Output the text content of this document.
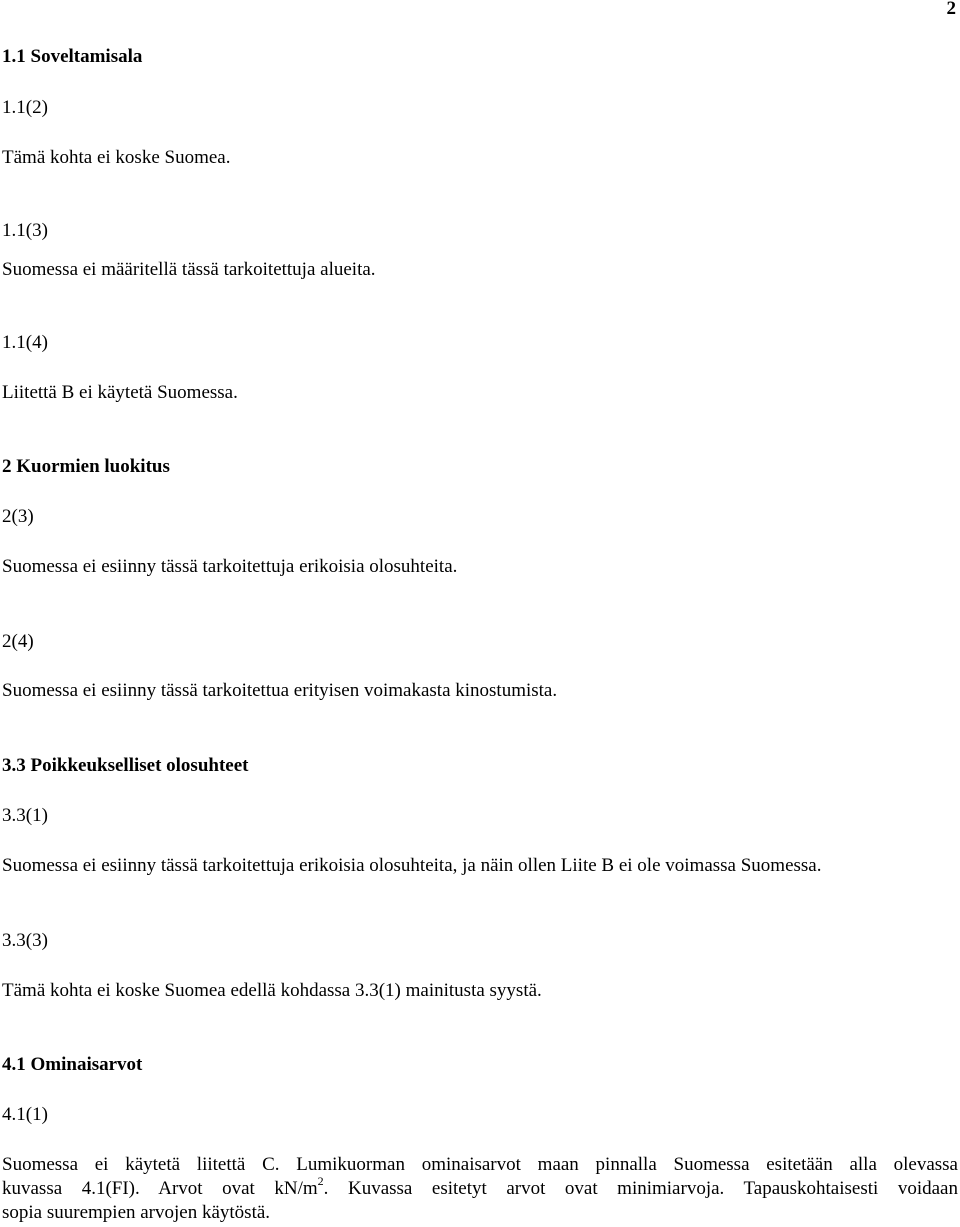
2
1.1 Soveltamisala
1.1(2)
Tämä kohta ei koske Suomea.
1.1(3)
Suomessa ei määritellä tässä tarkoitettuja alueita.
1.1(4)
Liitettä B ei käytetä Suomessa.
2 Kuormien luokitus
2(3)
Suomessa ei esiinny tässä tarkoitettuja erikoisia olosuhteita.
2(4)
Suomessa ei esiinny tässä tarkoitettua erityisen voimakasta kinostumista.
3.3 Poikkeukselliset olosuhteet
3.3(1)
Suomessa ei esiinny tässä tarkoitettuja erikoisia olosuhteita, ja näin ollen Liite B ei ole voimassa Suomessa.
3.3(3)
Tämä kohta ei koske Suomea edellä kohdassa 3.3(1) mainitusta syystä.
4.1 Ominaisarvot
4.1(1)
Suomessa ei käytetä liitettä C. Lumikuorman ominaisarvot maan pinnalla Suomessa esitetään alla olevassa
kuvassa 4.1(FI). Arvot ovat $kN/m^2$. Kuvassa esitetyt arvot ovat minimiarvoja. Tapauskohtaisesti voidaan
sopia suurempien arvojen käytöstä.
